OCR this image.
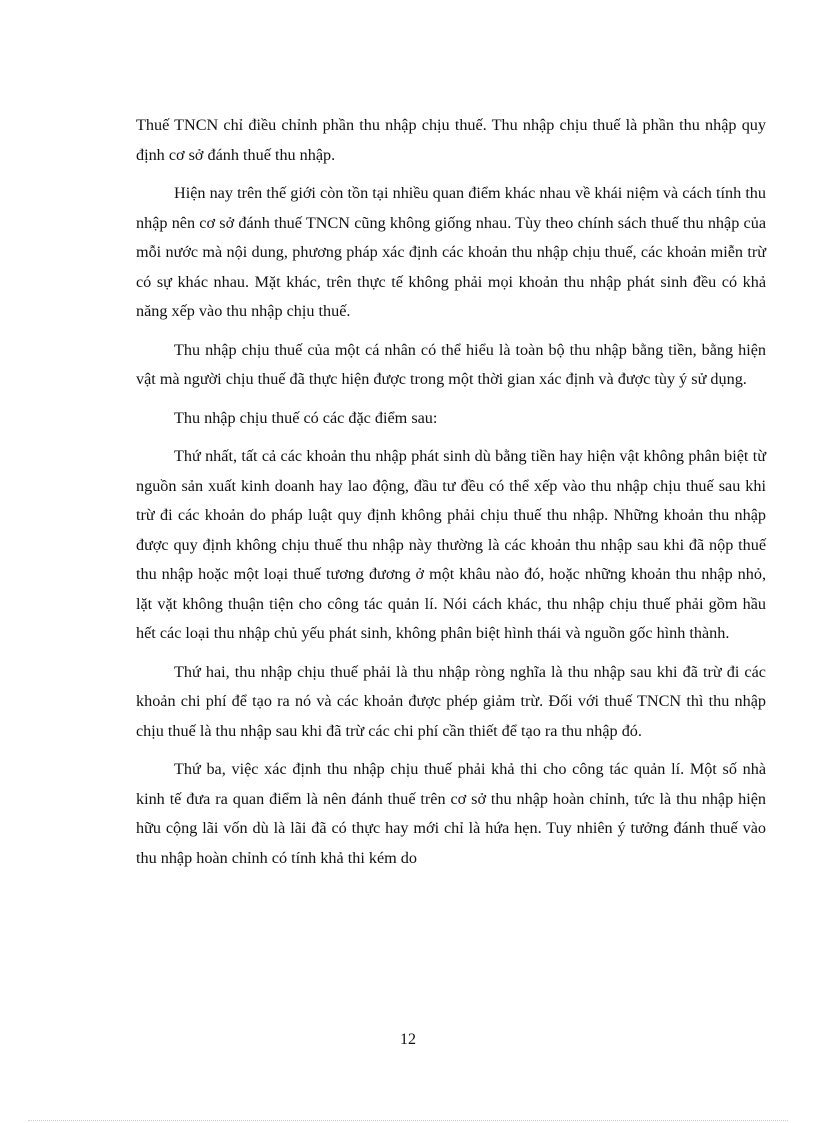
Thuế TNCN chỉ điều chỉnh phần thu nhập chịu thuế. Thu nhập chịu thuế là phần thu nhập quy định cơ sở đánh thuế thu nhập.

Hiện nay trên thế giới còn tồn tại nhiều quan điểm khác nhau về khái niệm và cách tính thu nhập nên cơ sở đánh thuế TNCN cũng không giống nhau. Tùy theo chính sách thuế thu nhập của mỗi nước mà nội dung, phương pháp xác định các khoản thu nhập chịu thuế, các khoản miễn trừ có sự khác nhau. Mặt khác, trên thực tế không phải mọi khoản thu nhập phát sinh đều có khả năng xếp vào thu nhập chịu thuế.

Thu nhập chịu thuế của một cá nhân có thể hiểu là toàn bộ thu nhập bằng tiền, bằng hiện vật mà người chịu thuế đã thực hiện được trong một thời gian xác định và được tùy ý sử dụng.

Thu nhập chịu thuế có các đặc điểm sau:

Thứ nhất, tất cả các khoản thu nhập phát sinh dù bằng tiền hay hiện vật không phân biệt từ nguồn sản xuất kinh doanh hay lao động, đầu tư đều có thể xếp vào thu nhập chịu thuế sau khi trừ đi các khoản do pháp luật quy định không phải chịu thuế thu nhập. Những khoản thu nhập được quy định không chịu thuế thu nhập này thường là các khoản thu nhập sau khi đã nộp thuế thu nhập hoặc một loại thuế tương đương ở một khâu nào đó, hoặc những khoản thu nhập nhỏ, lặt vặt không thuận tiện cho công tác quản lí. Nói cách khác, thu nhập chịu thuế phải gồm hầu hết các loại thu nhập chủ yếu phát sinh, không phân biệt hình thái và nguồn gốc hình thành.

Thứ hai, thu nhập chịu thuế phải là thu nhập ròng nghĩa là thu nhập sau khi đã trừ đi các khoản chi phí để tạo ra nó và các khoản được phép giảm trừ. Đối với thuế TNCN thì thu nhập chịu thuế là thu nhập sau khi đã trừ các chi phí cần thiết để tạo ra thu nhập đó.

Thứ ba, việc xác định thu nhập chịu thuế phải khả thi cho công tác quản lí. Một số nhà kinh tế đưa ra quan điểm là nên đánh thuế trên cơ sở thu nhập hoàn chỉnh, tức là thu nhập hiện hữu cộng lãi vốn dù là lãi đã có thực hay mới chỉ là hứa hẹn. Tuy nhiên ý tưởng đánh thuế vào thu nhập hoàn chỉnh có tính khả thi kém do

12
